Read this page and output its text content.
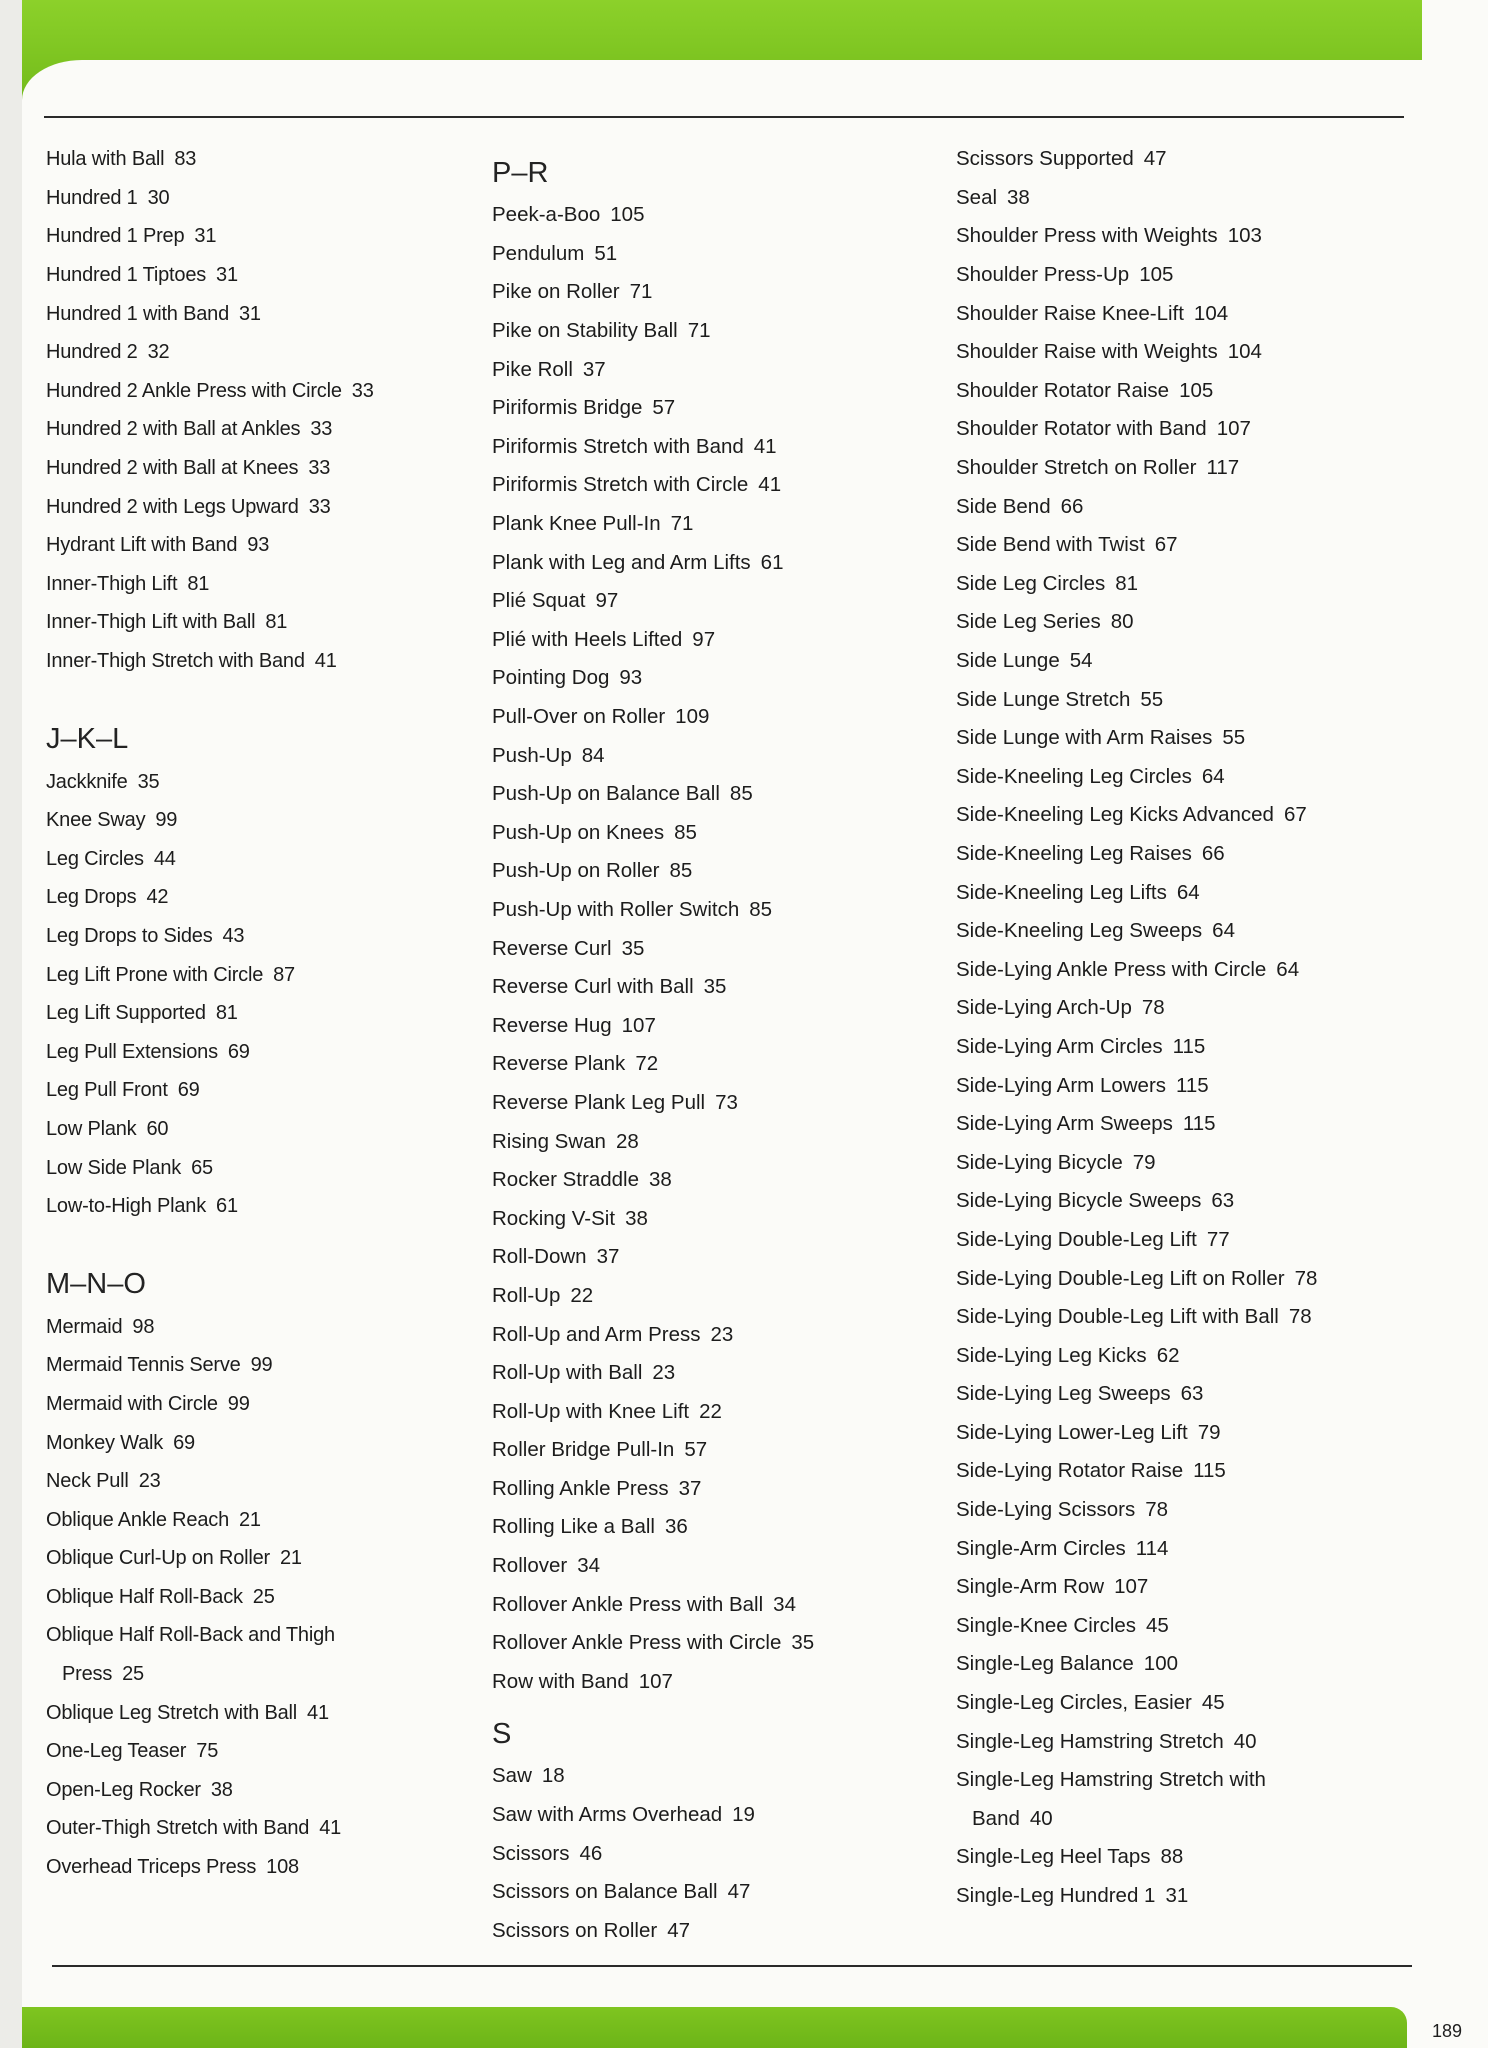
Hula with Ball 83
Hundred 1 30
Hundred 1 Prep 31
Hundred 1 Tiptoes 31
Hundred 1 with Band 31
Hundred 2 32
Hundred 2 Ankle Press with Circle 33
Hundred 2 with Ball at Ankles 33
Hundred 2 with Ball at Knees 33
Hundred 2 with Legs Upward 33
Hydrant Lift with Band 93
Inner-Thigh Lift 81
Inner-Thigh Lift with Ball 81
Inner-Thigh Stretch with Band 41
J–K–L
Jackknife 35
Knee Sway 99
Leg Circles 44
Leg Drops 42
Leg Drops to Sides 43
Leg Lift Prone with Circle 87
Leg Lift Supported 81
Leg Pull Extensions 69
Leg Pull Front 69
Low Plank 60
Low Side Plank 65
Low-to-High Plank 61
M–N–O
Mermaid 98
Mermaid Tennis Serve 99
Mermaid with Circle 99
Monkey Walk 69
Neck Pull 23
Oblique Ankle Reach 21
Oblique Curl-Up on Roller 21
Oblique Half Roll-Back 25
Oblique Half Roll-Back and Thigh
Press 25
Oblique Leg Stretch with Ball 41
One-Leg Teaser 75
Open-Leg Rocker 38
Outer-Thigh Stretch with Band 41
Overhead Triceps Press 108
P–R
Peek-a-Boo 105
Pendulum 51
Pike on Roller 71
Pike on Stability Ball 71
Pike Roll 37
Piriformis Bridge 57
Piriformis Stretch with Band 41
Piriformis Stretch with Circle 41
Plank Knee Pull-In 71
Plank with Leg and Arm Lifts 61
Plié Squat 97
Plié with Heels Lifted 97
Pointing Dog 93
Pull-Over on Roller 109
Push-Up 84
Push-Up on Balance Ball 85
Push-Up on Knees 85
Push-Up on Roller 85
Push-Up with Roller Switch 85
Reverse Curl 35
Reverse Curl with Ball 35
Reverse Hug 107
Reverse Plank 72
Reverse Plank Leg Pull 73
Rising Swan 28
Rocker Straddle 38
Rocking V-Sit 38
Roll-Down 37
Roll-Up 22
Roll-Up and Arm Press 23
Roll-Up with Ball 23
Roll-Up with Knee Lift 22
Roller Bridge Pull-In 57
Rolling Ankle Press 37
Rolling Like a Ball 36
Rollover 34
Rollover Ankle Press with Ball 34
Rollover Ankle Press with Circle 35
Row with Band 107
S
Saw 18
Saw with Arms Overhead 19
Scissors 46
Scissors on Balance Ball 47
Scissors on Roller 47
Scissors Supported 47
Seal 38
Shoulder Press with Weights 103
Shoulder Press-Up 105
Shoulder Raise Knee-Lift 104
Shoulder Raise with Weights 104
Shoulder Rotator Raise 105
Shoulder Rotator with Band 107
Shoulder Stretch on Roller 117
Side Bend 66
Side Bend with Twist 67
Side Leg Circles 81
Side Leg Series 80
Side Lunge 54
Side Lunge Stretch 55
Side Lunge with Arm Raises 55
Side-Kneeling Leg Circles 64
Side-Kneeling Leg Kicks Advanced 67
Side-Kneeling Leg Raises 66
Side-Kneeling Leg Lifts 64
Side-Kneeling Leg Sweeps 64
Side-Lying Ankle Press with Circle 64
Side-Lying Arch-Up 78
Side-Lying Arm Circles 115
Side-Lying Arm Lowers 115
Side-Lying Arm Sweeps 115
Side-Lying Bicycle 79
Side-Lying Bicycle Sweeps 63
Side-Lying Double-Leg Lift 77
Side-Lying Double-Leg Lift on Roller 78
Side-Lying Double-Leg Lift with Ball 78
Side-Lying Leg Kicks 62
Side-Lying Leg Sweeps 63
Side-Lying Lower-Leg Lift 79
Side-Lying Rotator Raise 115
Side-Lying Scissors 78
Single-Arm Circles 114
Single-Arm Row 107
Single-Knee Circles 45
Single-Leg Balance 100
Single-Leg Circles, Easier 45
Single-Leg Hamstring Stretch 40
Single-Leg Hamstring Stretch with
Band 40
Single-Leg Heel Taps 88
Single-Leg Hundred 1 31
189
